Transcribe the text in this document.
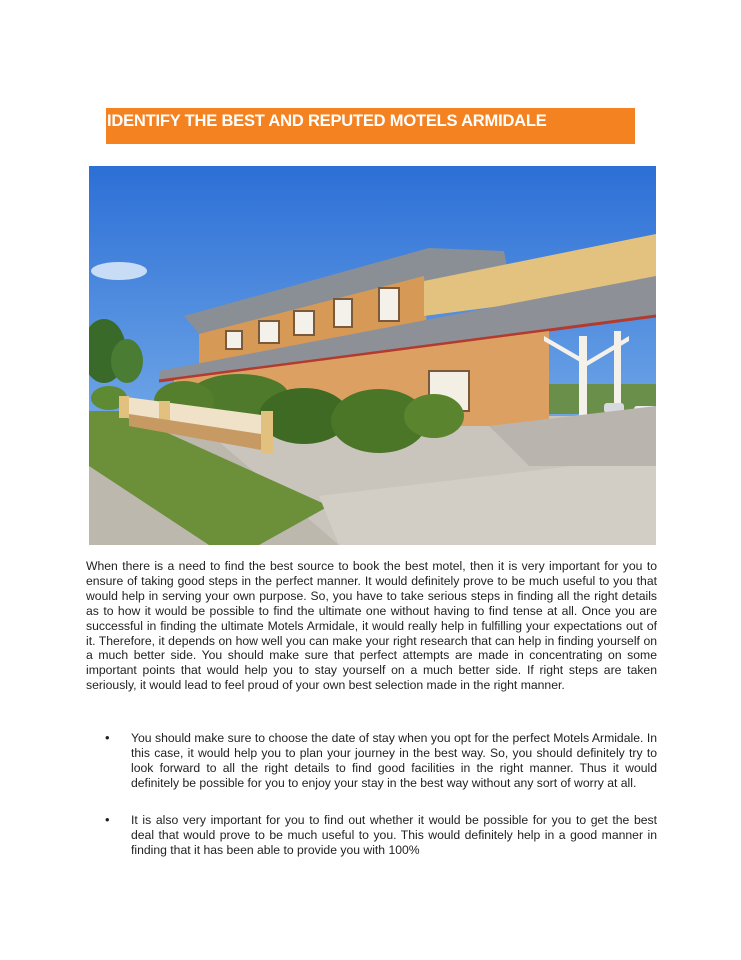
IDENTIFY THE BEST AND REPUTED MOTELS ARMIDALE

When there is a need to find the best source to book the best motel, then it is very important for you to ensure of taking good steps in the perfect manner. It would definitely prove to be much useful to you that would help in serving your own purpose. So, you have to take serious steps in finding all the right details as to how it would be possible to find the ultimate one without having to find tense at all. Once you are successful in finding the ultimate Motels Armidale, it would really help in fulfilling your expectations out of it. Therefore, it depends on how well you can make your right research that can help in finding yourself on a much better side. You should make sure that perfect attempts are made in concentrating on some important points that would help you to stay yourself on a much better side. If right steps are taken seriously, it would lead to feel proud of your own best selection made in the right manner.

• You should make sure to choose the date of stay when you opt for the perfect Motels Armidale. In this case, it would help you to plan your journey in the best way. So, you should definitely try to look forward to all the right details to find good facilities in the right manner. Thus it would definitely be possible for you to enjoy your stay in the best way without any sort of worry at all.
• It is also very important for you to find out whether it would be possible for you to get the best deal that would prove to be much useful to you. This would definitely help in a good manner in finding that it has been able to provide you with 100%
